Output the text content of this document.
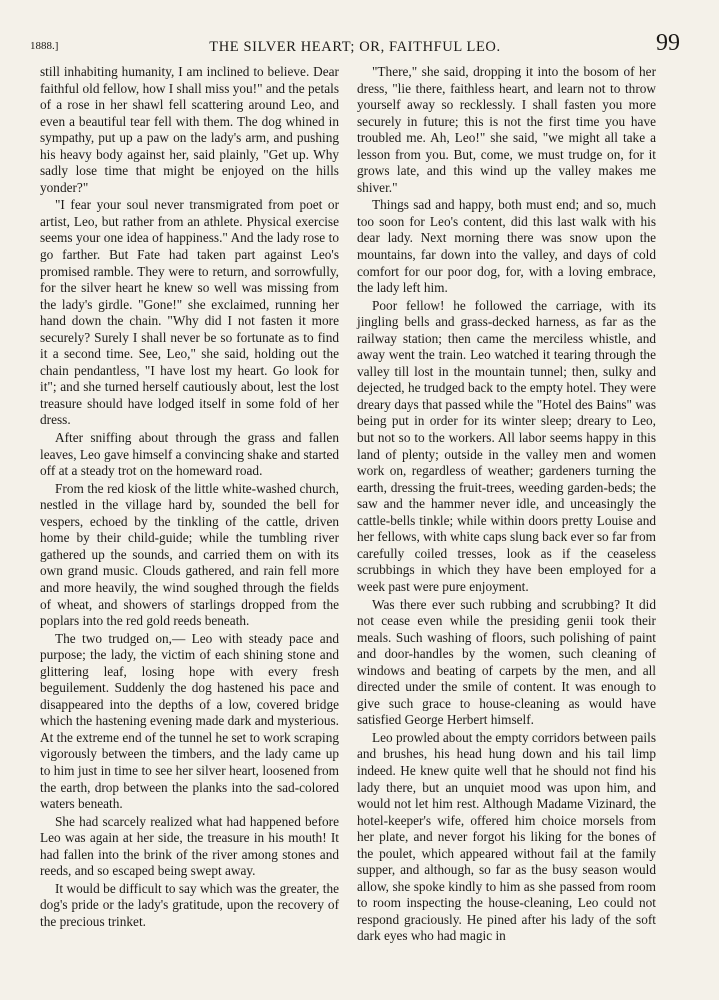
1888.]	THE SILVER HEART; OR, FAITHFUL LEO.	99

still inhabiting humanity, I am inclined to believe. Dear faithful old fellow, how I shall miss you!" and the petals of a rose in her shawl fell scattering around Leo, and even a beautiful tear fell with them. The dog whined in sympathy, put up a paw on the lady's arm, and pushing his heavy body against her, said plainly, "Get up. Why sadly lose time that might be enjoyed on the hills yonder?"

"I fear your soul never transmigrated from poet or artist, Leo, but rather from an athlete. Physical exercise seems your one idea of happiness." And the lady rose to go farther. But Fate had taken part against Leo's promised ramble. They were to return, and sorrowfully, for the silver heart he knew so well was missing from the lady's girdle. "Gone!" she exclaimed, running her hand down the chain. "Why did I not fasten it more securely? Surely I shall never be so fortunate as to find it a second time. See, Leo," she said, holding out the chain pendantless, "I have lost my heart. Go look for it"; and she turned herself cautiously about, lest the lost treasure should have lodged itself in some fold of her dress.

After sniffing about through the grass and fallen leaves, Leo gave himself a convincing shake and started off at a steady trot on the homeward road.

From the red kiosk of the little white-washed church, nestled in the village hard by, sounded the bell for vespers, echoed by the tinkling of the cattle, driven home by their child-guide; while the tumbling river gathered up the sounds, and carried them on with its own grand music. Clouds gathered, and rain fell more and more heavily, the wind soughed through the fields of wheat, and showers of starlings dropped from the poplars into the red gold reeds beneath.

The two trudged on,— Leo with steady pace and purpose; the lady, the victim of each shining stone and glittering leaf, losing hope with every fresh beguilement. Suddenly the dog hastened his pace and disappeared into the depths of a low, covered bridge which the hastening evening made dark and mysterious. At the extreme end of the tunnel he set to work scraping vigorously between the timbers, and the lady came up to him just in time to see her silver heart, loosened from the earth, drop between the planks into the sad-colored waters beneath.

She had scarcely realized what had happened before Leo was again at her side, the treasure in his mouth! It had fallen into the brink of the river among stones and reeds, and so escaped being swept away.

It would be difficult to say which was the greater, the dog's pride or the lady's gratitude, upon the recovery of the precious trinket.

"There," she said, dropping it into the bosom of her dress, "lie there, faithless heart, and learn not to throw yourself away so recklessly. I shall fasten you more securely in future; this is not the first time you have troubled me. Ah, Leo!" she said, "we might all take a lesson from you. But, come, we must trudge on, for it grows late, and this wind up the valley makes me shiver."

Things sad and happy, both must end; and so, much too soon for Leo's content, did this last walk with his dear lady. Next morning there was snow upon the mountains, far down into the valley, and days of cold comfort for our poor dog, for, with a loving embrace, the lady left him.

Poor fellow! he followed the carriage, with its jingling bells and grass-decked harness, as far as the railway station; then came the merciless whistle, and away went the train. Leo watched it tearing through the valley till lost in the mountain tunnel; then, sulky and dejected, he trudged back to the empty hotel. They were dreary days that passed while the "Hotel des Bains" was being put in order for its winter sleep; dreary to Leo, but not so to the workers. All labor seems happy in this land of plenty; outside in the valley men and women work on, regardless of weather; gardeners turning the earth, dressing the fruit-trees, weeding garden-beds; the saw and the hammer never idle, and unceasingly the cattle-bells tinkle; while within doors pretty Louise and her fellows, with white caps slung back ever so far from carefully coiled tresses, look as if the ceaseless scrubbings in which they have been employed for a week past were pure enjoyment.

Was there ever such rubbing and scrubbing? It did not cease even while the presiding genii took their meals. Such washing of floors, such polishing of paint and door-handles by the women, such cleaning of windows and beating of carpets by the men, and all directed under the smile of content. It was enough to give such grace to house-cleaning as would have satisfied George Herbert himself.

Leo prowled about the empty corridors between pails and brushes, his head hung down and his tail limp indeed. He knew quite well that he should not find his lady there, but an unquiet mood was upon him, and would not let him rest. Although Madame Vizinard, the hotel-keeper's wife, offered him choice morsels from her plate, and never forgot his liking for the bones of the poulet, which appeared without fail at the family supper, and although, so far as the busy season would allow, she spoke kindly to him as she passed from room to room inspecting the house-cleaning, Leo could not respond graciously. He pined after his lady of the soft dark eyes who had magic in
